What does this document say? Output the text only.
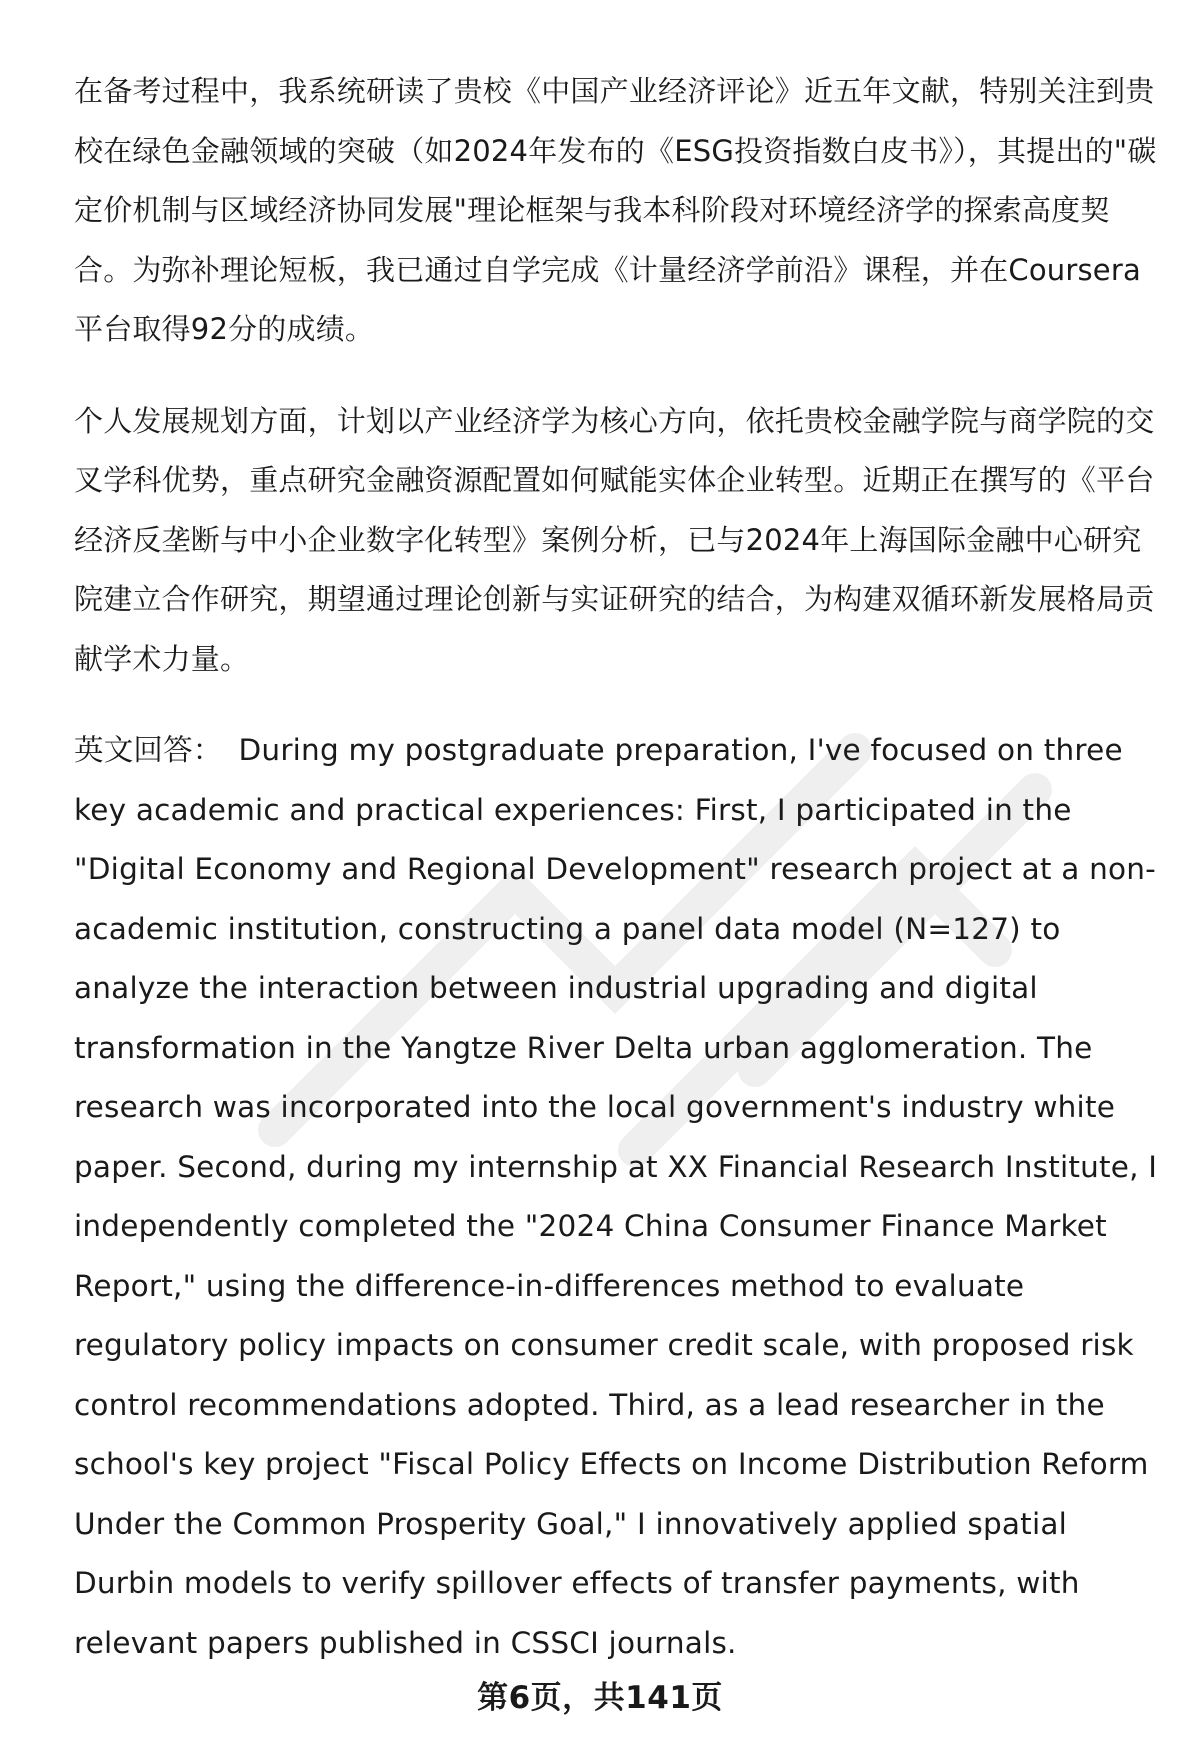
在备考过程中，我系统研读了贵校《中国产业经济评论》近五年文献，特别关注到贵校在绿色金融领域的突破（如2024年发布的《ESG投资指数白皮书》），其提出的"碳定价机制与区域经济协同发展"理论框架与我本科阶段对环境经济学的探索高度契合。为弥补理论短板，我已通过自学完成《计量经济学前沿》课程，并在Coursera平台取得92分的成绩。

个人发展规划方面，计划以产业经济学为核心方向，依托贵校金融学院与商学院的交叉学科优势，重点研究金融资源配置如何赋能实体企业转型。近期正在撰写的《平台经济反垄断与中小企业数字化转型》案例分析，已与2024年上海国际金融中心研究院建立合作研究，期望通过理论创新与实证研究的结合，为构建双循环新发展格局贡献学术力量。

英文回答： During my postgraduate preparation, I've focused on three key academic and practical experiences: First, I participated in the "Digital Economy and Regional Development" research project at a non-academic institution, constructing a panel data model (N=127) to analyze the interaction between industrial upgrading and digital transformation in the Yangtze River Delta urban agglomeration. The research was incorporated into the local government's industry white paper. Second, during my internship at XX Financial Research Institute, I independently completed the "2024 China Consumer Finance Market Report," using the difference-in-differences method to evaluate regulatory policy impacts on consumer credit scale, with proposed risk control recommendations adopted. Third, as a lead researcher in the school's key project "Fiscal Policy Effects on Income Distribution Reform Under the Common Prosperity Goal," I innovatively applied spatial Durbin models to verify spillover effects of transfer payments, with relevant papers published in CSSCI journals.

第6页，共141页
